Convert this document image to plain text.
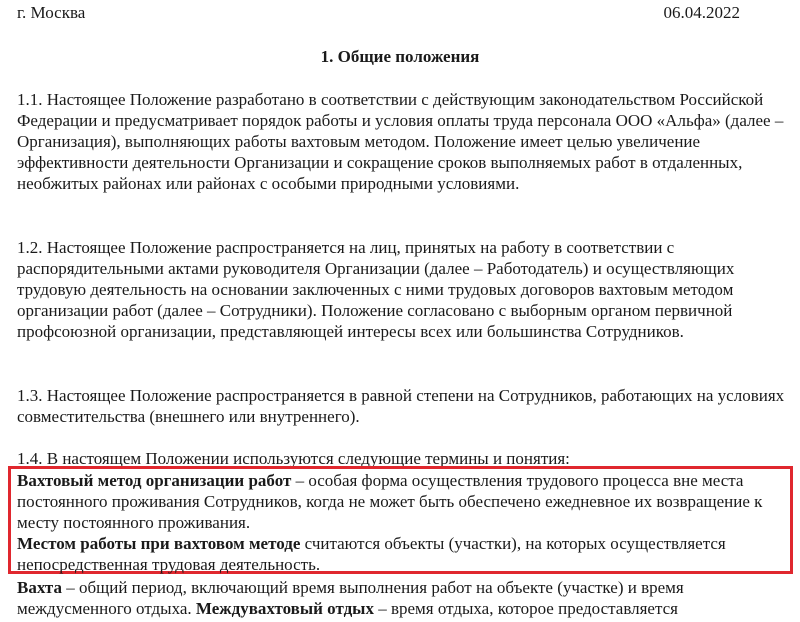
г. Москва	06.04.2022
1. Общие положения

1.1. Настоящее Положение разработано в соответствии с действующим законодательством Российской Федерации и предусматривает порядок работы и условия оплаты труда персонала ООО «Альфа» (далее – Организация), выполняющих работы вахтовым методом. Положение имеет целью увеличение эффективности деятельности Организации и сокращение сроков выполняемых работ в отдаленных, необжитых районах или районах с особыми природными условиями.

1.2. Настоящее Положение распространяется на лиц, принятых на работу в соответствии с распорядительными актами руководителя Организации (далее – Работодатель) и осуществляющих трудовую деятельность на основании заключенных с ними трудовых договоров вахтовым методом организации работ (далее – Сотрудники). Положение согласовано с выборным органом первичной профсоюзной организации, представляющей интересы всех или большинства Сотрудников.

1.3. Настоящее Положение распространяется в равной степени на Сотрудников, работающих на условиях совместительства (внешнего или внутреннего).

1.4. В настоящем Положении используются следующие термины и понятия:

Вахтовый метод организации работ – особая форма осуществления трудового процесса вне места постоянного проживания Сотрудников, когда не может быть обеспечено ежедневное их возвращение к месту постоянного проживания.

Местом работы при вахтовом методе считаются объекты (участки), на которых осуществляется непосредственная трудовая деятельность.

Вахта – общий период, включающий время выполнения работ на объекте (участке) и время междусменного отдыха. Междувахтовый отдых – время отдыха, которое предоставляется
